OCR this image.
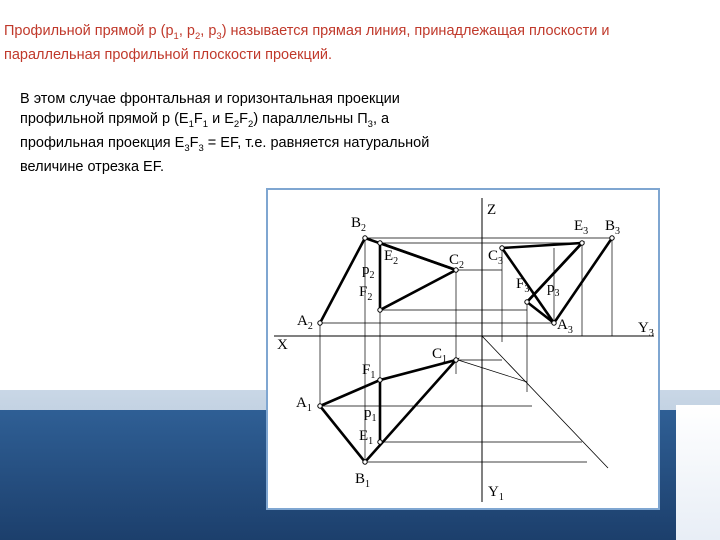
Профильной прямой p ($p_1$, $p_2$, $p_3$) называется прямая линия, принадлежащая плоскости и параллельная профильной плоскости проекций.

В этом случае фронтальная и горизонтальная проекции профильной прямой p ($E_1F_1$ и $E_2F_2$) параллельны $П_3$, а профильная проекция $E_3F_3$ = EF, т.е. равняется натуральной величине отрезка EF.

$B_2$
$E_2$
$p_2$
$F_2$
$C_2$
$A_2$
Z
$C_3$
$E_3$ $B_3$
$F_3$ $p_3$
$A_3$	$Y_3$
X
$C_1$
$F_1$
$A_1$	$p_1$
$E_1$
$B_1$	$Y_1$
